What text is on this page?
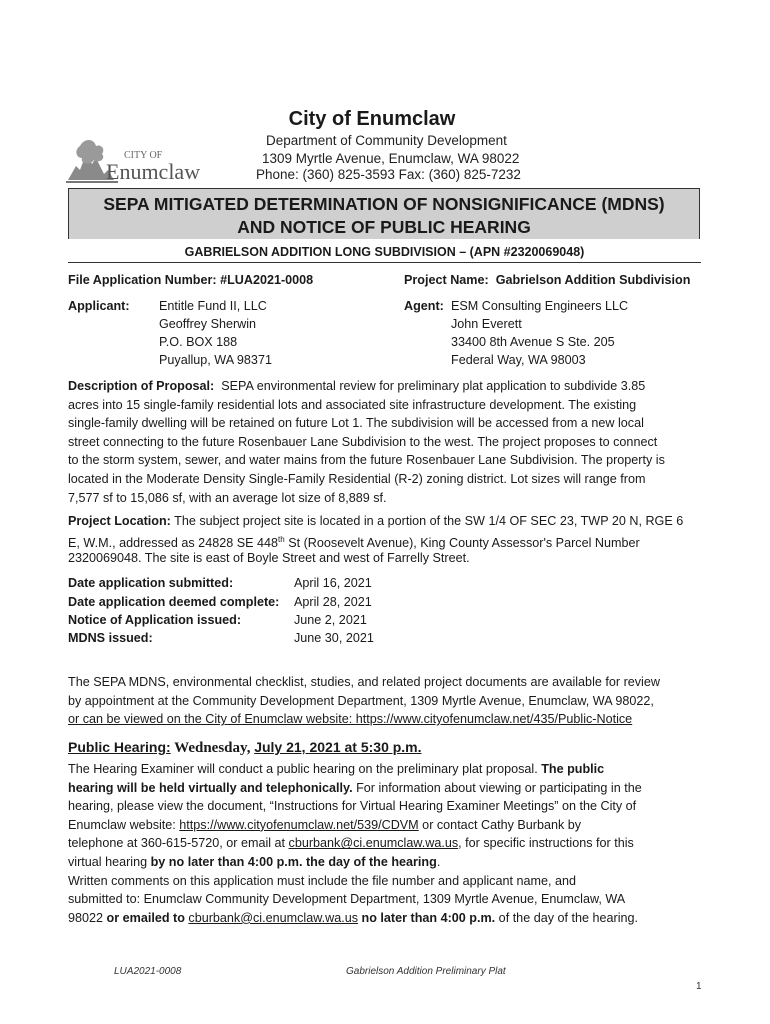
CITY OF
Enumclaw
City of Enumclaw
Department of Community Development
1309 Myrtle Avenue, Enumclaw, WA 98022
Phone: (360) 825-3593 Fax: (360) 825-7232
SEPA MITIGATED DETERMINATION OF NONSIGNIFICANCE (MDNS)
AND NOTICE OF PUBLIC HEARING
GABRIELSON ADDITION LONG SUBDIVISION – (APN #2320069048)
File Application Number: #LUA2021-0008	Project Name: Gabrielson Addition Subdivision
Applicant: Entitle Fund II, LLC
Geoffrey Sherwin
P.O. BOX 188
Puyallup, WA 98371
Agent: ESM Consulting Engineers LLC
John Everett
33400 8th Avenue S Ste. 205
Federal Way, WA 98003
Description of Proposal: SEPA environmental review for preliminary plat application to subdivide 3.85
acres into 15 single-family residential lots and associated site infrastructure development. The existing
single-family dwelling will be retained on future Lot 1. The subdivision will be accessed from a new local
street connecting to the future Rosenbauer Lane Subdivision to the west. The project proposes to connect
to the storm system, sewer, and water mains from the future Rosenbauer Lane Subdivision. The property is
located in the Moderate Density Single-Family Residential (R-2) zoning district. Lot sizes will range from
7,577 sf to 15,086 sf, with an average lot size of 8,889 sf.
Project Location: The subject project site is located in a portion of the SW 1/4 OF SEC 23, TWP 20 N, RGE 6
E, W.M., addressed as 24828 SE 448th St (Roosevelt Avenue), King County Assessor's Parcel Number
2320069048. The site is east of Boyle Street and west of Farrelly Street.
Date application submitted:	April 16, 2021
Date application deemed complete: April 28, 2021
Notice of Application issued:	June 2, 2021
MDNS issued:	June 30, 2021
The SEPA MDNS, environmental checklist, studies, and related project documents are available for review
by appointment at the Community Development Department, 1309 Myrtle Avenue, Enumclaw, WA 98022,
or can be viewed on the City of Enumclaw website: https://www.cityofenumclaw.net/435/Public-Notice
Public Hearing: Wednesday, July 21, 2021 at 5:30 p.m.
The Hearing Examiner will conduct a public hearing on the preliminary plat proposal. The public
hearing will be held virtually and telephonically. For information about viewing or participating in the
hearing, please view the document, “Instructions for Virtual Hearing Examiner Meetings” on the City of
Enumclaw website: https://www.cityofenumclaw.net/539/CDVM or contact Cathy Burbank by
telephone at 360-615-5720, or email at cburbank@ci.enumclaw.wa.us, for specific instructions for this
virtual hearing by no later than 4:00 p.m. the day of the hearing.
Written comments on this application must include the file number and applicant name, and
submitted to: Enumclaw Community Development Department, 1309 Myrtle Avenue, Enumclaw, WA
98022 or emailed to cburbank@ci.enumclaw.wa.us no later than 4:00 p.m. of the day of the hearing.
LUA2021-0008	Gabrielson Addition Preliminary Plat
1
